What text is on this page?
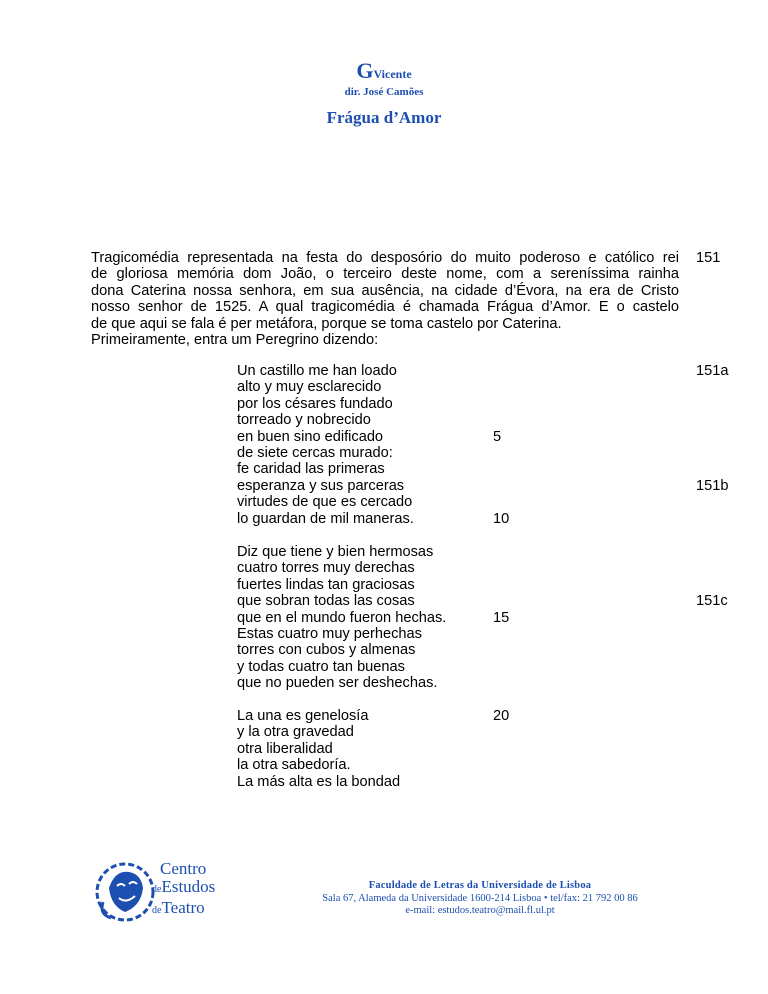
GVicente
dir. José Camões
Frágua d’Amor
Tragicomédia representada na festa do desposório do muito poderoso e católico rei
de gloriosa memória dom João, o terceiro deste nome, com a sereníssima rainha
dona Caterina nossa senhora, em sua ausência, na cidade d’Évora, na era de Cristo
nosso senhor de 1525. A qual tragicomédia é chamada Frágua d’Amor. E o castelo
de que aqui se fala é per metáfora, porque se toma castelo por Caterina.
Primeiramente, entra um Peregrino dizendo:
151
Un castillo me han loado
alto y muy esclarecido
por los césares fundado
torreado y nobrecido
en buen sino edificado
de siete cercas murado:
fe caridad las primeras
esperanza y sus parceras
virtudes de que es cercado
lo guardan de mil maneras.
Diz que tiene y bien hermosas
cuatro torres muy derechas
fuertes lindas tan graciosas
que sobran todas las cosas
que en el mundo fueron hechas.
Estas cuatro muy perhechas
torres con cubos y almenas
y todas cuatro tan buenas
que no pueden ser deshechas.
La una es genelosía
y la otra gravedad
otra liberalidad
la otra sabedoría.
La más alta es la bondad
5
10
15
20
151a
151b
151c
Centro
deEstudos
deTeatro
Faculdade de Letras da Universidade de Lisboa
Sala 67, Alameda da Universidade 1600-214 Lisboa • tel/fax: 21 792 00 86
e-mail: estudos.teatro@mail.fl.ul.pt
